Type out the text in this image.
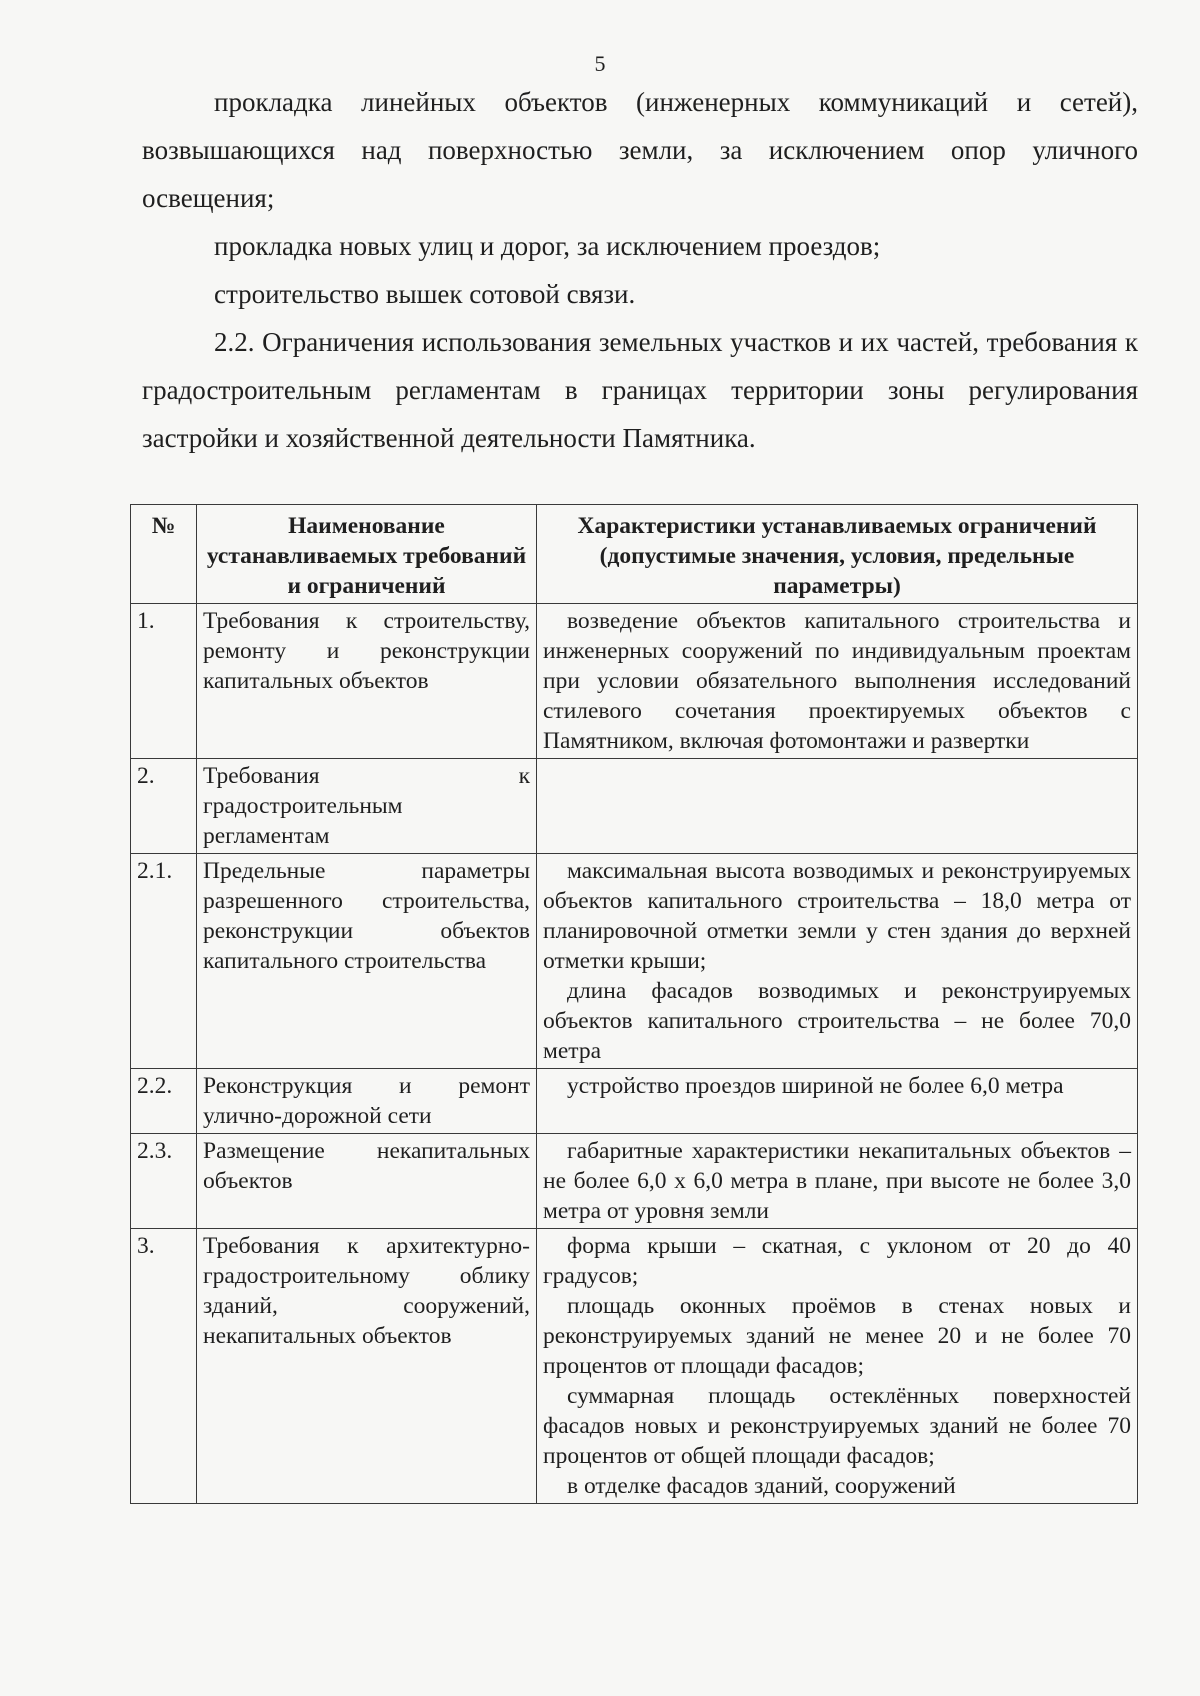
5

прокладка линейных объектов (инженерных коммуникаций и сетей), возвышающихся над поверхностью земли, за исключением опор уличного освещения;

прокладка новых улиц и дорог, за исключением проездов;

строительство вышек сотовой связи.

2.2. Ограничения использования земельных участков и их частей, требования к градостроительным регламентам в границах территории зоны регулирования застройки и хозяйственной деятельности Памятника.

№	Наименование устанавливаемых требований и ограничений	Характеристики устанавливаемых ограничений (допустимые значения, условия, предельные параметры)
1.	Требования к строительству, ремонту и реконструкции капитальных объектов	возведение объектов капитального строительства и инженерных сооружений по индивидуальным проектам при условии обязательного выполнения исследований стилевого сочетания проектируемых объектов с Памятником, включая фотомонтажи и развертки

2.	Требования к градостроительным регламентам	
2.1.	Предельные параметры разрешенного строительства, реконструкции объектов капитального строительства	максимальная высота возводимых и реконструируемых объектов капитального строительства – 18,0 метра от планировочной отметки земли у стен здания до верхней отметки крыши;

длина фасадов возводимых и реконструируемых объектов капитального строительства – не более 70,0 метра

2.2.	Реконструкция и ремонт улично-дорожной сети	устройство проездов шириной не более 6,0 метра

2.3.	Размещение некапитальных объектов	габаритные характеристики некапитальных объектов – не более 6,0 х 6,0 метра в плане, при высоте не более 3,0 метра от уровня земли

3.	Требования к архитектурно-градостроительному облику зданий, сооружений, некапитальных объектов	форма крыши – скатная, с уклоном от 20 до 40 градусов;

площадь оконных проёмов в стенах новых и реконструируемых зданий не менее 20 и не более 70 процентов от площади фасадов;

суммарная площадь остеклённых поверхностей фасадов новых и реконструируемых зданий не более 70 процентов от общей площади фасадов;

в отделке фасадов зданий, сооружений
